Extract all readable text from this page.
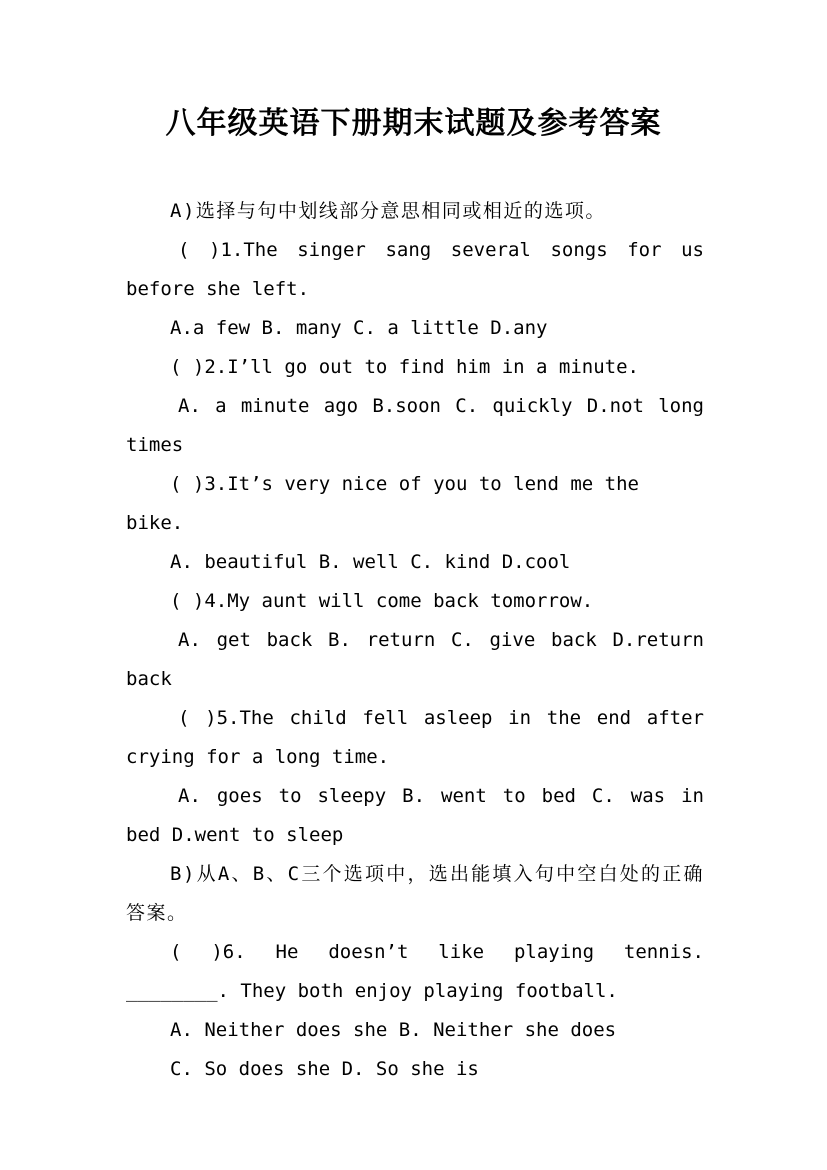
八年级英语下册期末试题及参考答案

A)选择与句中划线部分意思相同或相近的选项。

( )1.The singer sang several songs for us before she left.

A.a few B. many C. a little D.any

( )2.I’ll go out to find him in a minute.

A. a minute ago B.soon C. quickly D.not long times

( )3.It’s very nice of you to lend me the bike.

A. beautiful B. well C. kind D.cool

( )4.My aunt will come back tomorrow.

A. get back B. return C. give back D.return back

( )5.The child fell asleep in the end after crying for a long time.

A. goes to sleepy B. went to bed C. was in bed D.went to sleep

B)从A、B、C三个选项中，选出能填入句中空白处的正确答案。

( )6. He doesn’t like playing tennis. ________. They both enjoy playing football.

A. Neither does she B. Neither she does

C. So does she D. So she is
